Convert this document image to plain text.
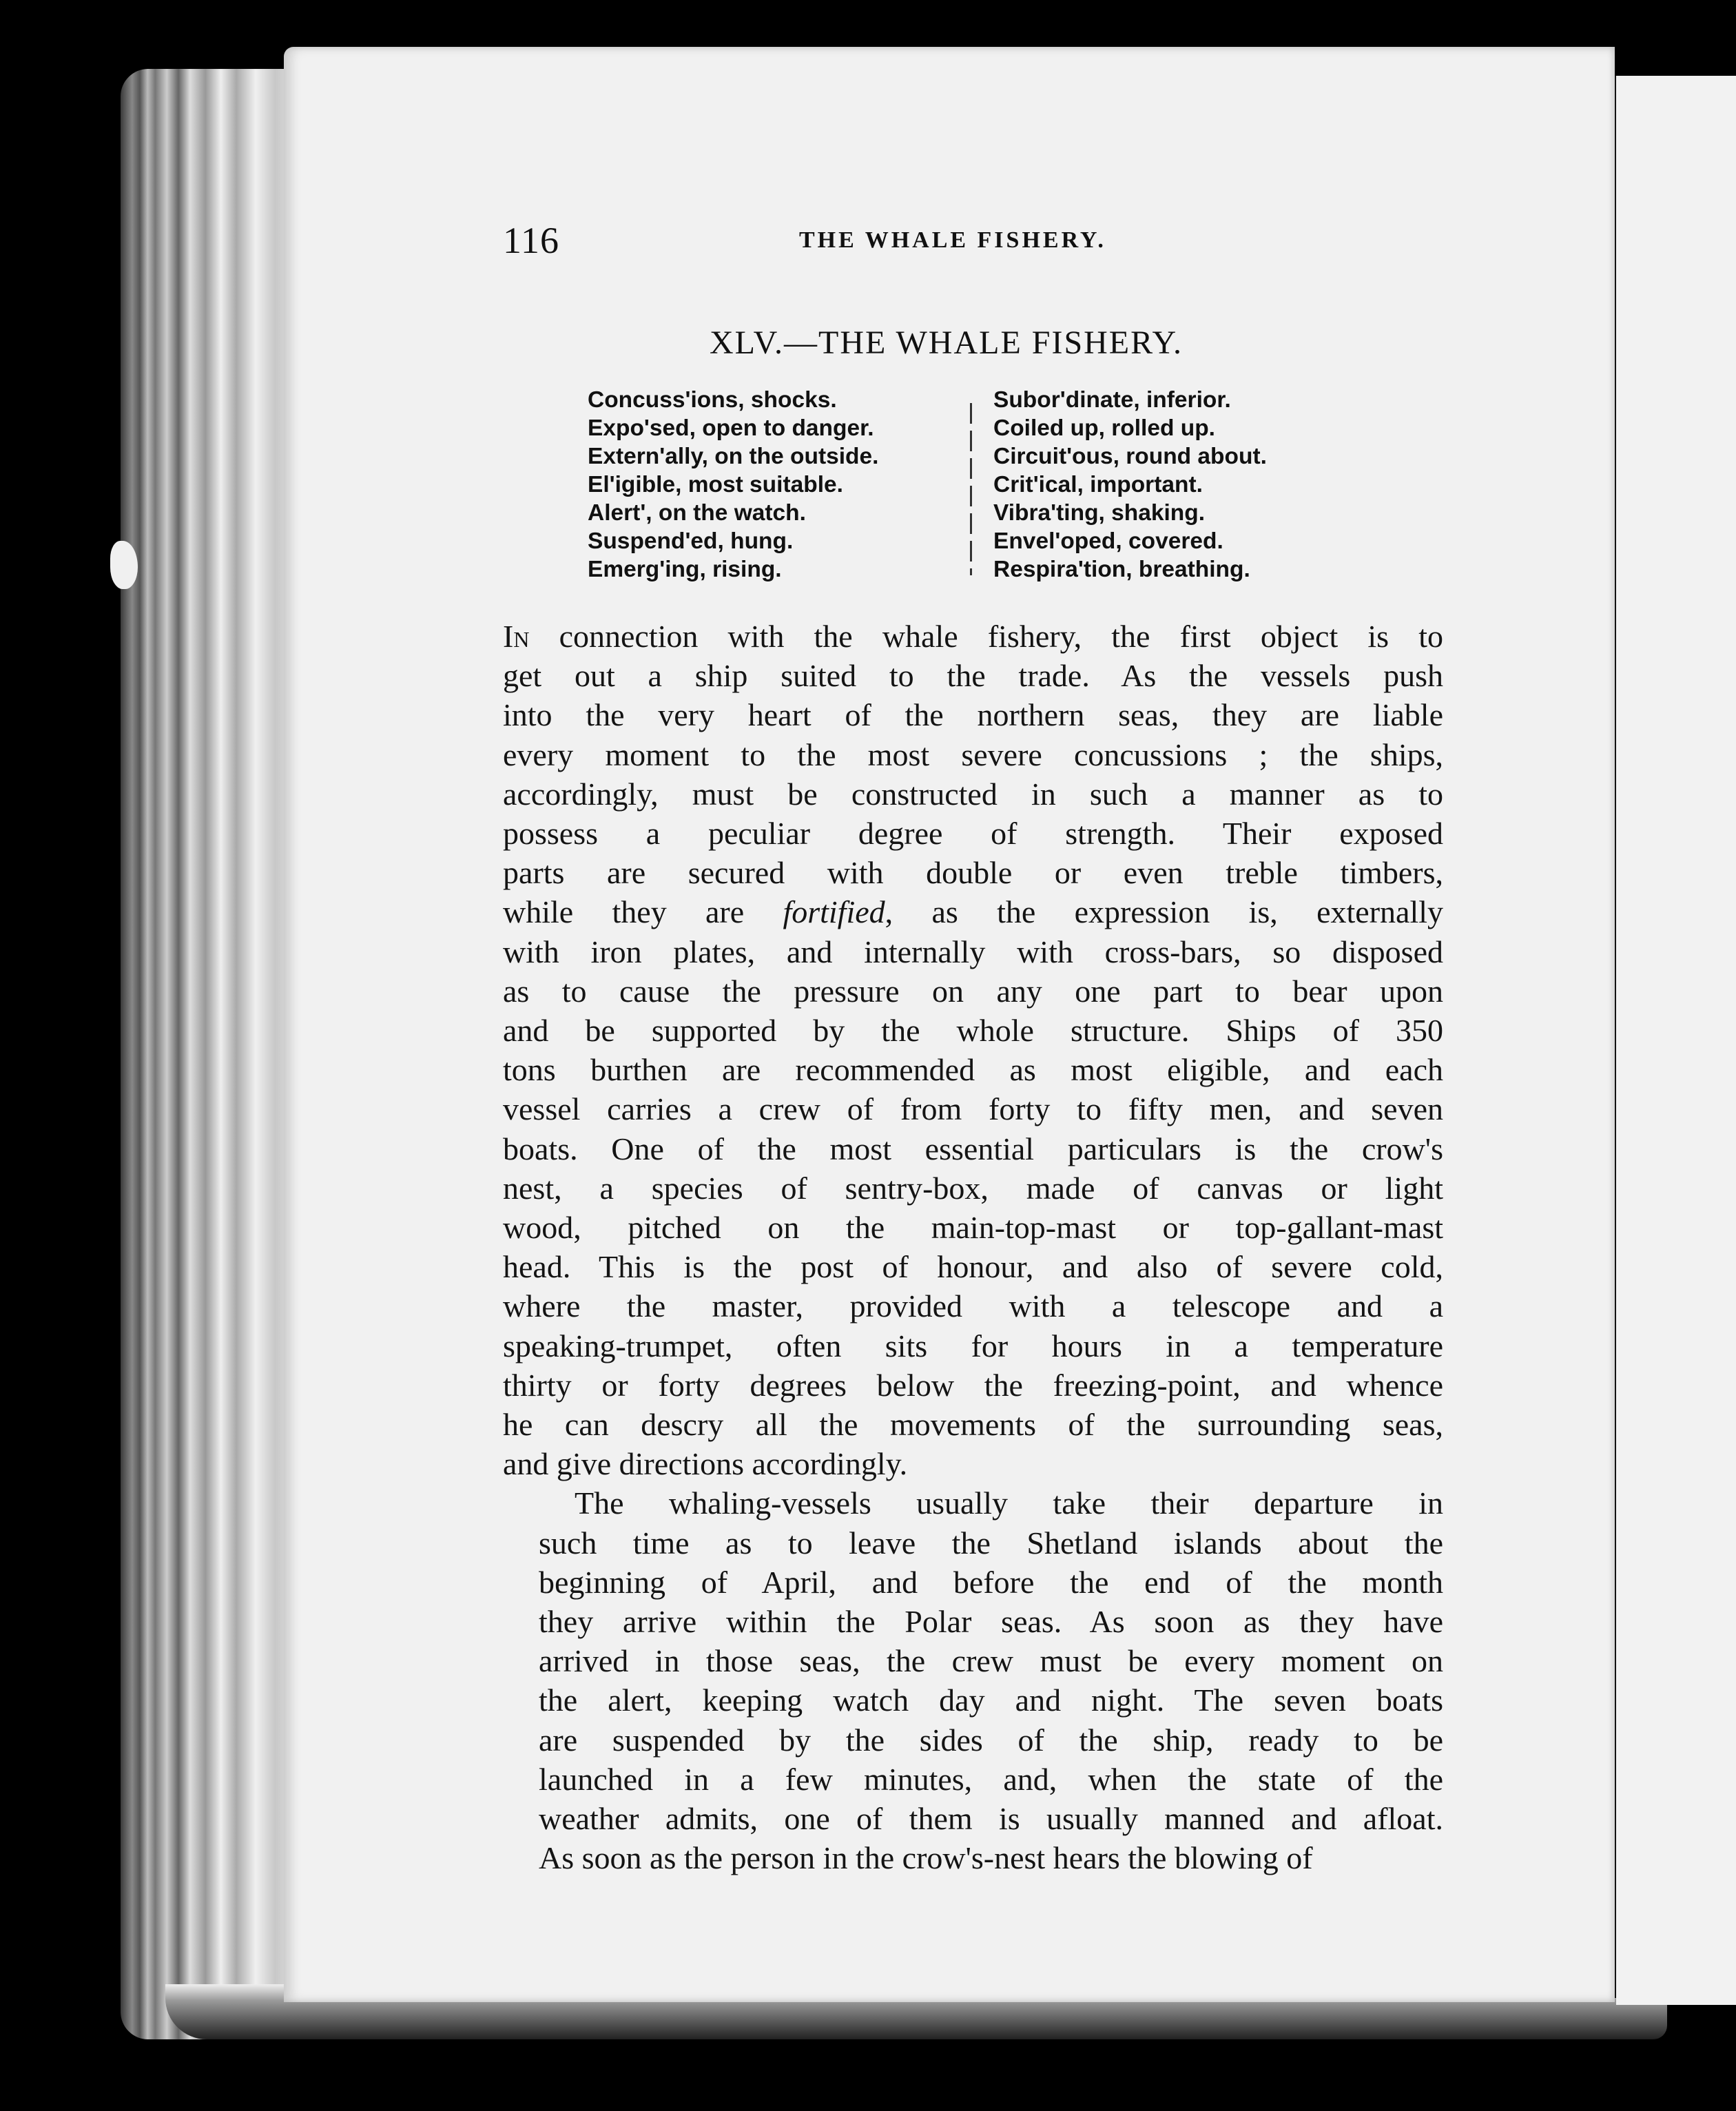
116	THE WHALE FISHERY.
XLV.—THE WHALE FISHERY.
Concuss'ions, shocks.
Expo'sed, open to danger.
Extern'ally, on the outside.
El'igible, most suitable.
Alert', on the watch.
Suspend'ed, hung.
Emerg'ing, rising.
Subor'dinate, inferior.
Coiled up, rolled up.
Circuit'ous, round about.
Crit'ical, important.
Vibra'ting, shaking.
Envel'oped, covered.
Respira'tion, breathing.

In connection with the whale fishery, the first object is to
get out a ship suited to the trade. As the vessels push
into the very heart of the northern seas, they are liable
every moment to the most severe concussions ; the ships,
accordingly, must be constructed in such a manner as to
possess a peculiar degree of strength. Their exposed
parts are secured with double or even treble timbers,
while they are fortified, as the expression is, externally
with iron plates, and internally with cross-bars, so disposed
as to cause the pressure on any one part to bear upon
and be supported by the whole structure. Ships of 350
tons burthen are recommended as most eligible, and each
vessel carries a crew of from forty to fifty men, and seven
boats. One of the most essential particulars is the crow's
nest, a species of sentry-box, made of canvas or light
wood, pitched on the main-top-mast or top-gallant-mast
head. This is the post of honour, and also of severe cold,
where the master, provided with a telescope and a
speaking-trumpet, often sits for hours in a temperature
thirty or forty degrees below the freezing-point, and whence
he can descry all the movements of the surrounding seas,
and give directions accordingly.

The whaling-vessels usually take their departure in
such time as to leave the Shetland islands about the
beginning of April, and before the end of the month
they arrive within the Polar seas. As soon as they have
arrived in those seas, the crew must be every moment on
the alert, keeping watch day and night. The seven boats
are suspended by the sides of the ship, ready to be
launched in a few minutes, and, when the state of the
weather admits, one of them is usually manned and afloat.
As soon as the person in the crow's-nest hears the blowing of
